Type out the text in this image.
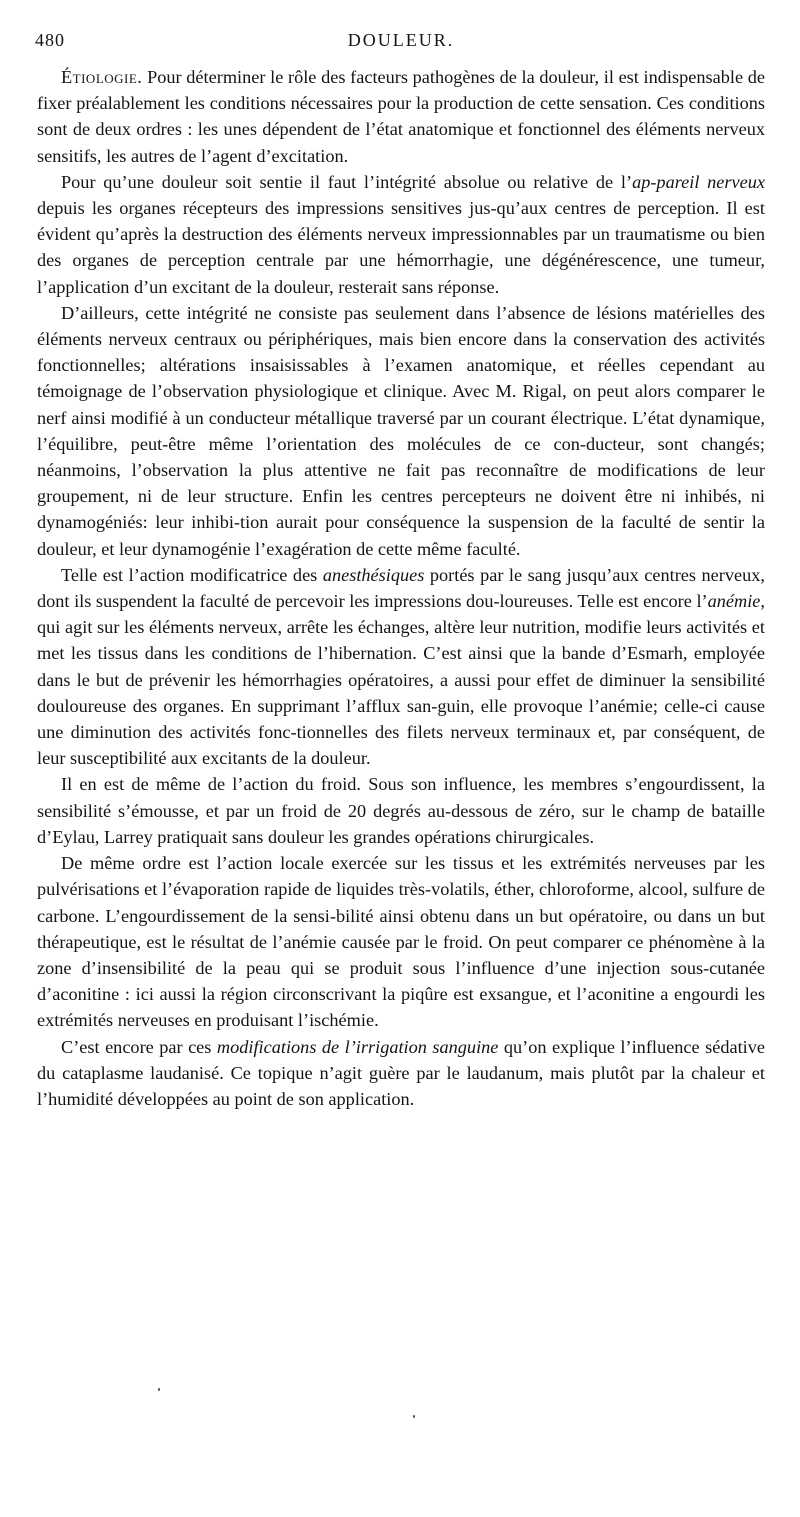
480	DOULEUR.

Étiologie. Pour déterminer le rôle des facteurs pathogènes de la douleur, il est indispensable de fixer préalablement les conditions nécessaires pour la production de cette sensation. Ces conditions sont de deux ordres : les unes dépendent de l’état anatomique et fonctionnel des éléments nerveux sensitifs, les autres de l’agent d’excitation.

Pour qu’une douleur soit sentie il faut l’intégrité absolue ou relative de l’ap-pareil nerveux depuis les organes récepteurs des impressions sensitives jus-qu’aux centres de perception. Il est évident qu’après la destruction des éléments nerveux impressionnables par un traumatisme ou bien des organes de perception centrale par une hémorrhagie, une dégénérescence, une tumeur, l’application d’un excitant de la douleur, resterait sans réponse.

D’ailleurs, cette intégrité ne consiste pas seulement dans l’absence de lésions matérielles des éléments nerveux centraux ou périphériques, mais bien encore dans la conservation des activités fonctionnelles; altérations insaisissables à l’examen anatomique, et réelles cependant au témoignage de l’observation physiologique et clinique. Avec M. Rigal, on peut alors comparer le nerf ainsi modifié à un conducteur métallique traversé par un courant électrique. L’état dynamique, l’équilibre, peut-être même l’orientation des molécules de ce con-ducteur, sont changés; néanmoins, l’observation la plus attentive ne fait pas reconnaître de modifications de leur groupement, ni de leur structure. Enfin les centres percepteurs ne doivent être ni inhibés, ni dynamogéniés: leur inhibi-tion aurait pour conséquence la suspension de la faculté de sentir la douleur, et leur dynamogénie l’exagération de cette même faculté.

Telle est l’action modificatrice des anesthésiques portés par le sang jusqu’aux centres nerveux, dont ils suspendent la faculté de percevoir les impressions dou-loureuses. Telle est encore l’anémie, qui agit sur les éléments nerveux, arrête les échanges, altère leur nutrition, modifie leurs activités et met les tissus dans les conditions de l’hibernation. C’est ainsi que la bande d’Esmarh, employée dans le but de prévenir les hémorrhagies opératoires, a aussi pour effet de diminuer la sensibilité douloureuse des organes. En supprimant l’afflux san-guin, elle provoque l’anémie; celle-ci cause une diminution des activités fonc-tionnelles des filets nerveux terminaux et, par conséquent, de leur susceptibilité aux excitants de la douleur.

Il en est de même de l’action du froid. Sous son influence, les membres s’engourdissent, la sensibilité s’émousse, et par un froid de 20 degrés au-dessous de zéro, sur le champ de bataille d’Eylau, Larrey pratiquait sans douleur les grandes opérations chirurgicales.

De même ordre est l’action locale exercée sur les tissus et les extrémités nerveuses par les pulvérisations et l’évaporation rapide de liquides très-volatils, éther, chloroforme, alcool, sulfure de carbone. L’engourdissement de la sensi-bilité ainsi obtenu dans un but opératoire, ou dans un but thérapeutique, est le résultat de l’anémie causée par le froid. On peut comparer ce phénomène à la zone d’insensibilité de la peau qui se produit sous l’influence d’une injection sous-cutanée d’aconitine : ici aussi la région circonscrivant la piqûre est exsangue, et l’aconitine a engourdi les extrémités nerveuses en produisant l’ischémie.

C’est encore par ces modifications de l’irrigation sanguine qu’on explique l’influence sédative du cataplasme laudanisé. Ce topique n’agit guère par le laudanum, mais plutôt par la chaleur et l’humidité développées au point de son application.
